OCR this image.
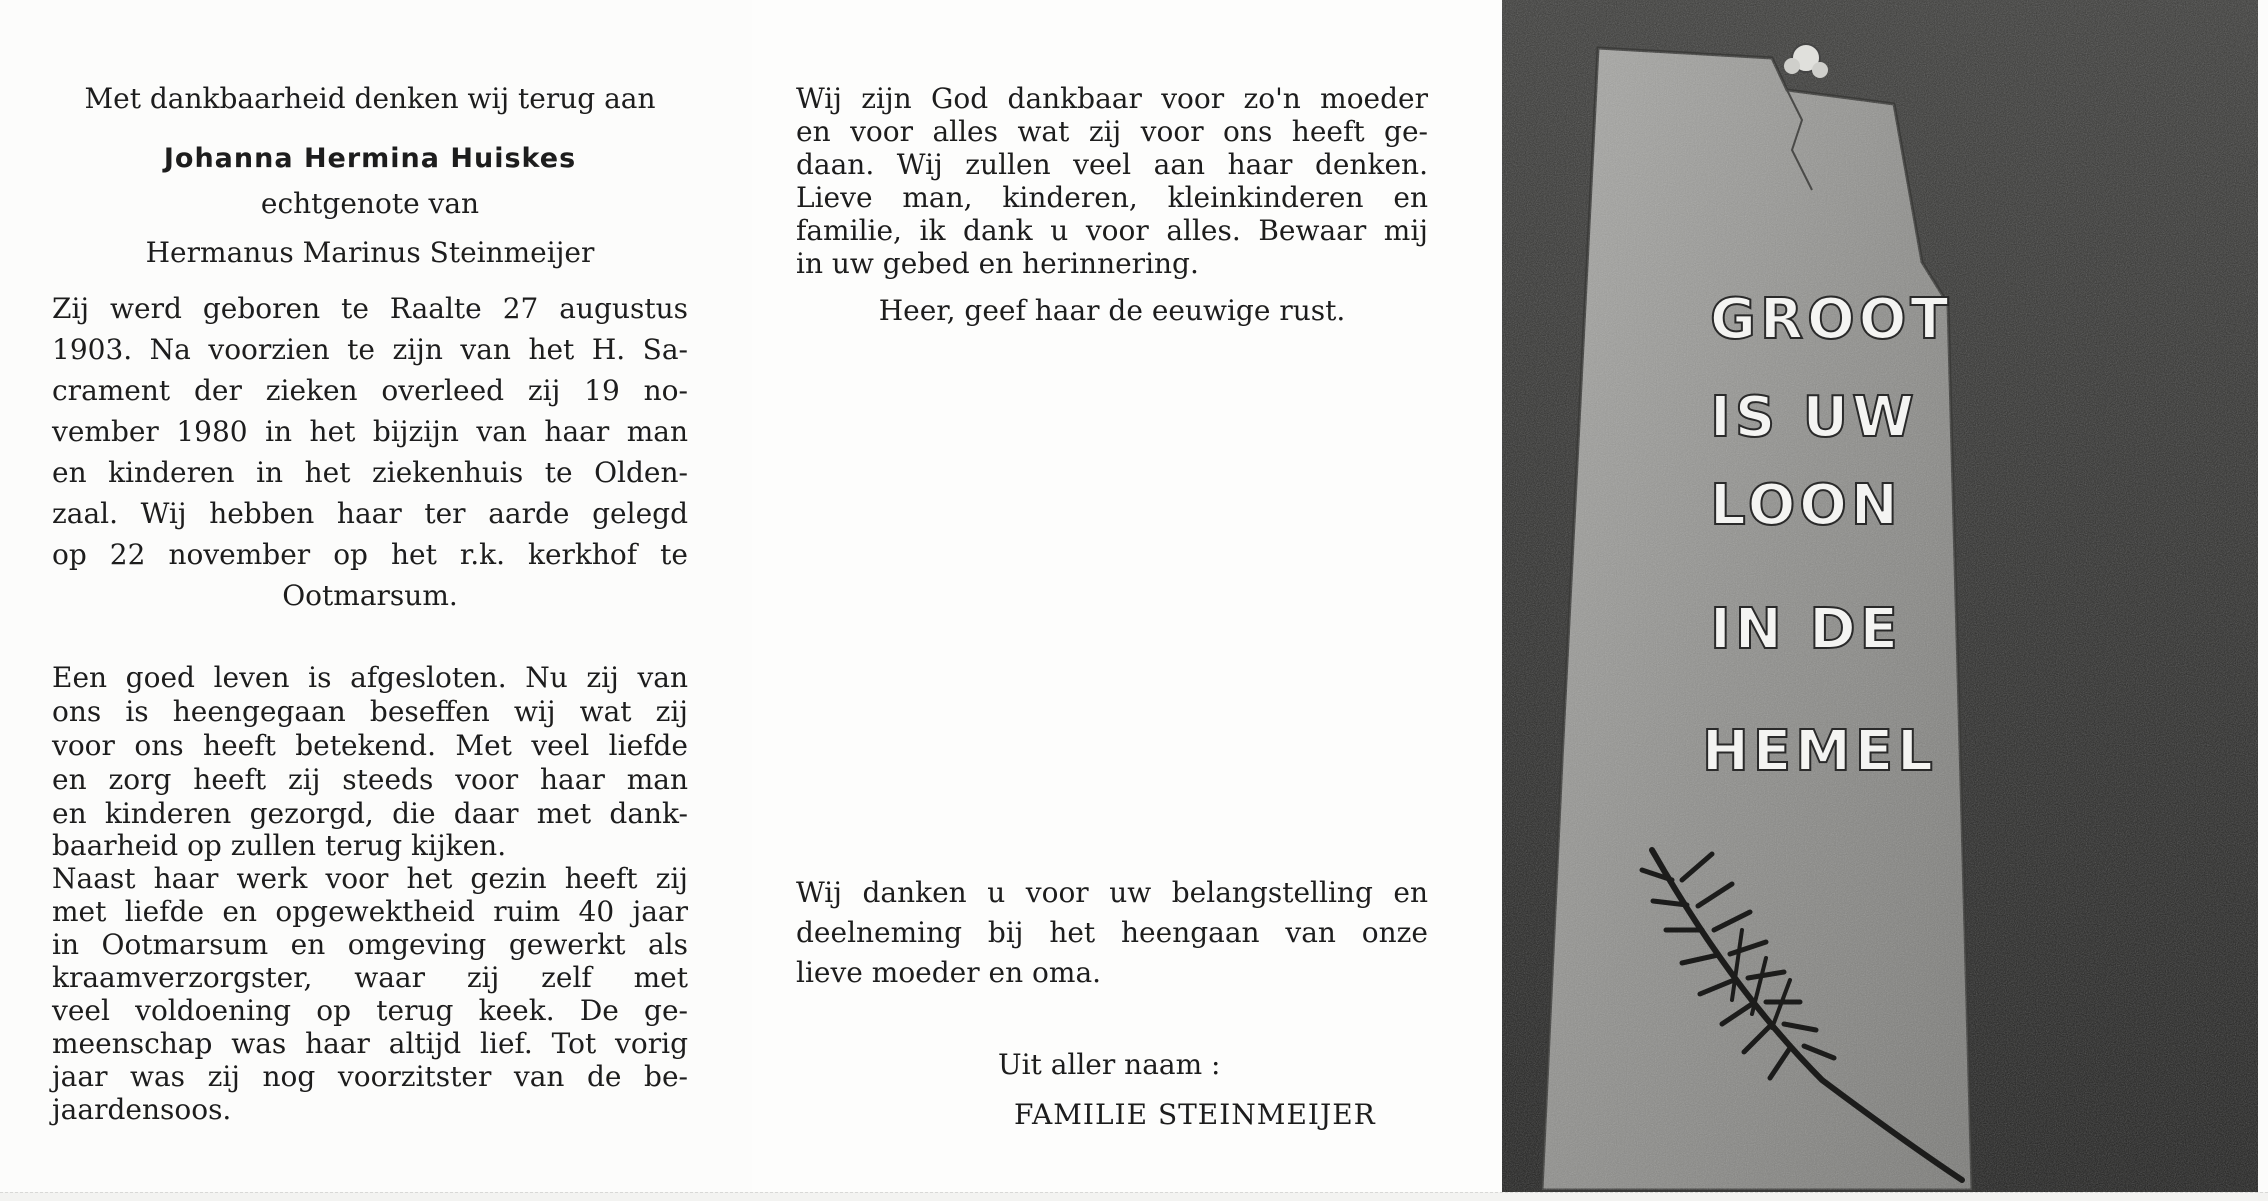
Met dankbaarheid denken wij terug aan
Johanna Hermina Huiskes
echtgenote van
Hermanus Marinus Steinmeijer
Zij werd geboren te Raalte 27 augustus
1903. Na voorzien te zijn van het H. Sa-
crament der zieken overleed zij 19 no-
vember 1980 in het bijzijn van haar man
en kinderen in het ziekenhuis te Olden-
zaal. Wij hebben haar ter aarde gelegd
op 22 november op het r.k. kerkhof te
Ootmarsum.
Een goed leven is afgesloten. Nu zij van
ons is heengegaan beseffen wij wat zij
voor ons heeft betekend. Met veel liefde
en zorg heeft zij steeds voor haar man
en kinderen gezorgd, die daar met dank-
baarheid op zullen terug kijken.
Naast haar werk voor het gezin heeft zij
met liefde en opgewektheid ruim 40 jaar
in Ootmarsum en omgeving gewerkt als
kraamverzorgster, waar zij zelf met
veel voldoening op terug keek. De ge-
meenschap was haar altijd lief. Tot vorig
jaar was zij nog voorzitster van de be-
jaardensoos.
Wij zijn God dankbaar voor zo'n moeder
en voor alles wat zij voor ons heeft ge-
daan. Wij zullen veel aan haar denken.
Lieve man, kinderen, kleinkinderen en
familie, ik dank u voor alles. Bewaar mij
in uw gebed en herinnering.
Heer, geef haar de eeuwige rust.
Wij danken u voor uw belangstelling en
deelneming bij het heengaan van onze
lieve moeder en oma.
Uit aller naam :
FAMILIE STEINMEIJER
GROOT
IS UW
LOON
IN DE
HEMEL
